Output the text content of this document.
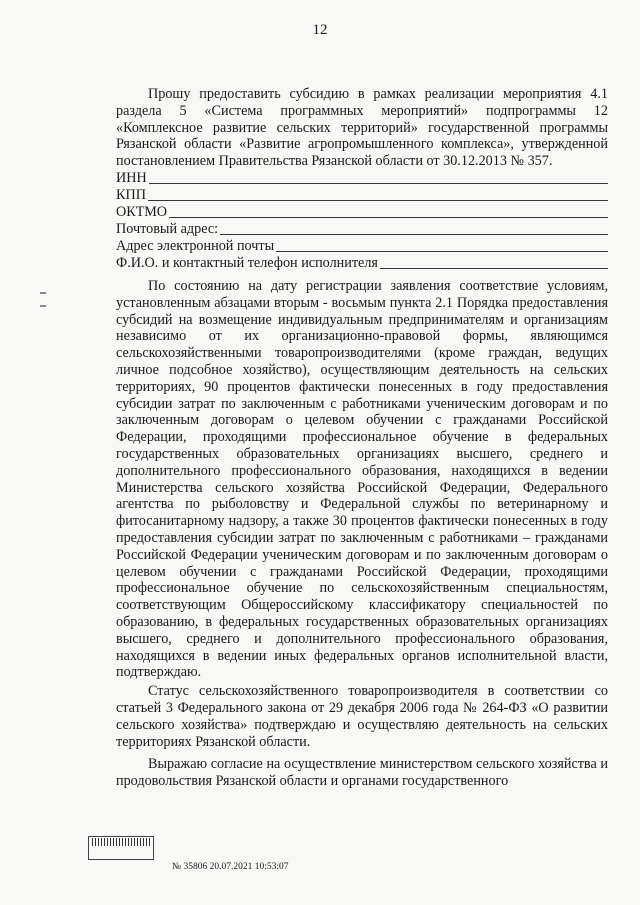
12

Прошу предоставить субсидию в рамках реализации мероприятия 4.1 раздела 5 «Система программных мероприятий» подпрограммы 12 «Комплексное развитие сельских территорий» государственной программы Рязанской области «Развитие агропромышленного комплекса», утвержденной постановлением Правительства Рязанской области от 30.12.2013 № 357.

ИНН
КПП
ОКТМО
Почтовый адрес:
Адрес электронной почты
Ф.И.О. и контактный телефон исполнителя

По состоянию на дату регистрации заявления соответствие условиям, установленным абзацами вторым - восьмым пункта 2.1 Порядка предоставления субсидий на возмещение индивидуальным предпринимателям и организациям независимо от их организационно-правовой формы, являющимся сельскохозяйственными товаропроизводителями (кроме граждан, ведущих личное подсобное хозяйство), осуществляющим деятельность на сельских территориях, 90 процентов фактически понесенных в году предоставления субсидии затрат по заключенным с работниками ученическим договорам и по заключенным договорам о целевом обучении с гражданами Российской Федерации, проходящими профессиональное обучение в федеральных государственных образовательных организациях высшего, среднего и дополнительного профессионального образования, находящихся в ведении Министерства сельского хозяйства Российской Федерации, Федерального агентства по рыболовству и Федеральной службы по ветеринарному и фитосанитарному надзору, а также 30 процентов фактически понесенных в году предоставления субсидии затрат по заключенным с работниками – гражданами Российской Федерации ученическим договорам и по заключенным договорам о целевом обучении с гражданами Российской Федерации, проходящими профессиональное обучение по сельскохозяйственным специальностям, соответствующим Общероссийскому классификатору специальностей по образованию, в федеральных государственных образовательных организациях высшего, среднего и дополнительного профессионального образования, находящихся в ведении иных федеральных органов исполнительной власти, подтверждаю.

Статус сельскохозяйственного товаропроизводителя в соответствии со статьей 3 Федерального закона от 29 декабря 2006 года № 264-ФЗ «О развитии сельского хозяйства» подтверждаю и осуществляю деятельность на сельских территориях Рязанской области.

Выражаю согласие на осуществление министерством сельского хозяйства и продовольствия Рязанской области и органами государственного

№ 35806 20.07.2021 10:53:07
